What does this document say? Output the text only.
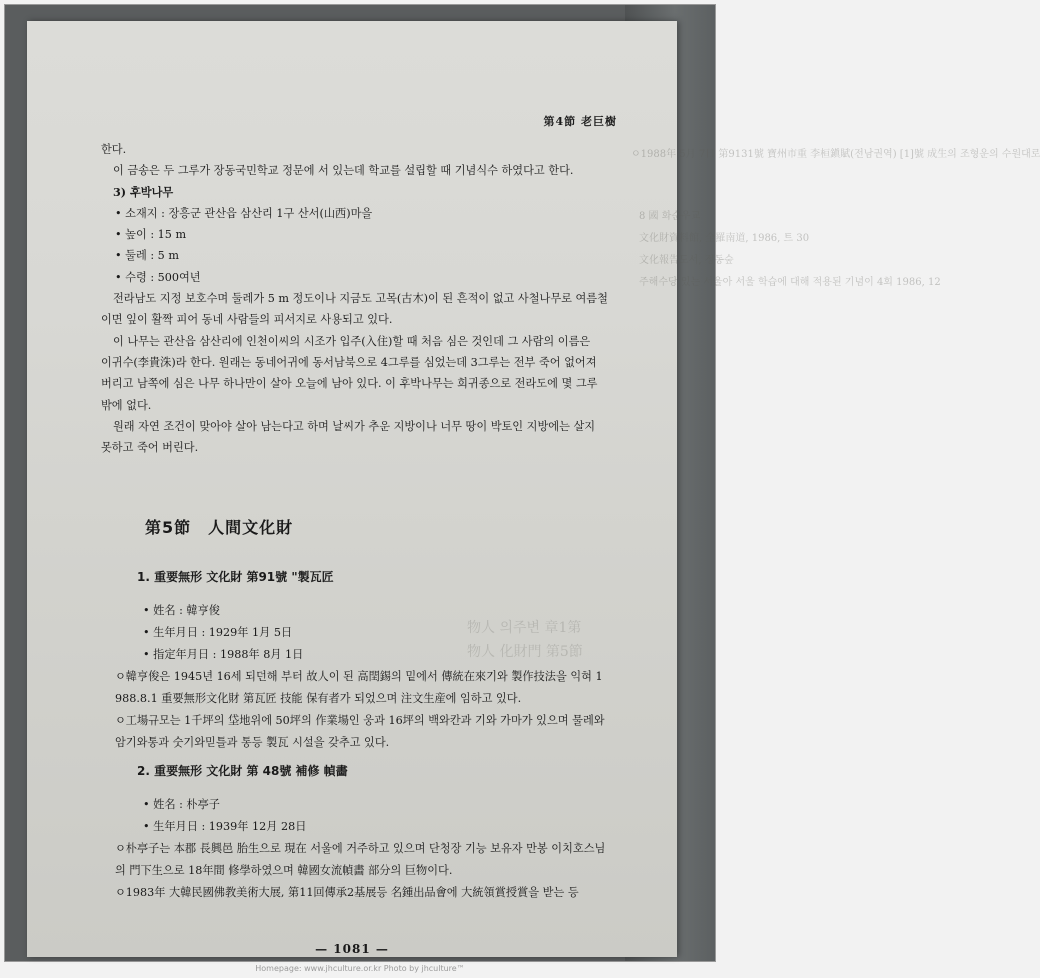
ㅇ1988年 5月 7日 第9131號 寶州市重 李桓鎭賦(전남권역) [1]號 成生의 조형운의 수원대로
8 國 화순우교
文化財資料館, 全羅南道, 1986, 트 30
文化報告도서, 정동숲
주해수당 있는 서울아 서울 학습에 대해 적용된 기념이 4회 1986, 12
物人 의주변 章1第
物人 化財門 第5節
第4節 老巨樹

한다.

이 금송은 두 그루가 장동국민학교 정문에 서 있는데 학교를 설립할 때 기념식수 하였다고 한다.

3) 후박나무

• 소재지 : 장흥군 관산읍 삼산리 1구 산서(山西)마을

• 높이 : 15 m

• 둘레 : 5 m

• 수령 : 500여년

전라남도 지정 보호수며 둘레가 5 m 정도이나 지금도 고목(古木)이 된 흔적이 없고 사철나무로 여름철

이면 잎이 활짝 피어 동네 사람들의 피서지로 사용되고 있다.

이 나무는 관산읍 삼산리에 인천이씨의 시조가 입주(入住)할 때 처음 심은 것인데 그 사람의 이름은

이귀수(李貴洙)라 한다. 원래는 동네어귀에 동서남북으로 4그루를 심었는데 3그루는 전부 죽어 없어져

버리고 남쪽에 심은 나무 하나만이 살아 오늘에 남아 있다. 이 후박나무는 희귀종으로 전라도에 몇 그루

밖에 없다.

원래 자연 조건이 맞아야 살아 남는다고 하며 날씨가 추운 지방이나 너무 땅이 박토인 지방에는 살지

못하고 죽어 버린다.

第5節　人間文化財

1. 重要無形 文化財 第91號 "製瓦匠

• 姓名 : 韓亨俊

• 生年月日 : 1929年 1月 5日

• 指定年月日 : 1988年 8月 1日

ㅇ韓亨俊은 1945년 16세 되던해 부터 故人이 된 高閏錫의 밑에서 傳統在來기와 製作技法을 익혀 1

988.8.1 重要無形文化財 第瓦匠 技能 保有者가 되었으며 注文生産에 임하고 있다.

ㅇ工場규모는 1千坪의 垈地위에 50坪의 作業場인 웅과 16坪의 백와칸과 기와 가마가 있으며 물레와

암기와통과 숫기와믿틀과 통등 製瓦 시설을 갖추고 있다.

2. 重要無形 文化財 第 48號 補修 幀畵

• 姓名 : 朴亭子

• 生年月日 : 1939年 12月 28日

ㅇ朴亭子는 本郡 長興邑 胎生으로 現在 서울에 거주하고 있으며 단청장 기능 보유자 만봉 이치호스님

의 門下生으로 18年間 修學하였으며 韓國女流幀畵 部分의 巨物이다.

ㅇ1983年 大韓民國佛教美術大展, 第11回傳承2基展등 名鍾出品會에 大統領賞授賞을 받는 등

— 1081 —
Homepage: www.jhculture.or.kr Photo by jhculture™
